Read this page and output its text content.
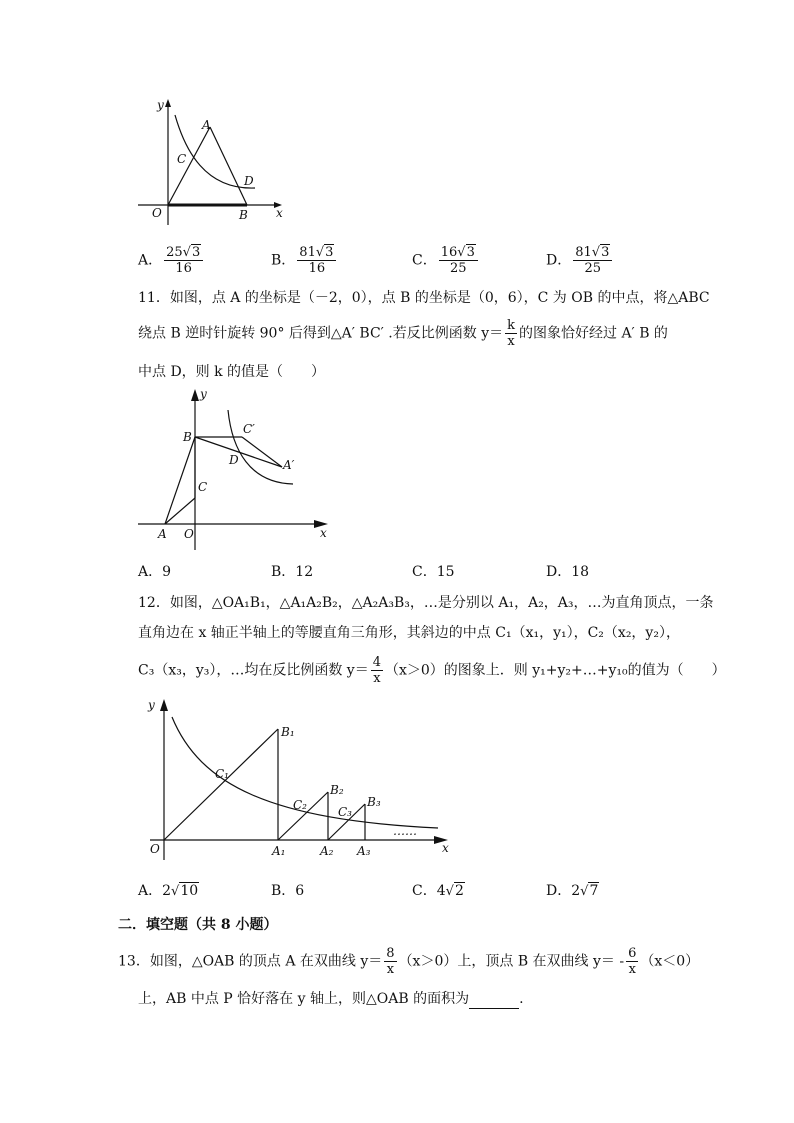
y
x
O
A
B
C
D
A． $\frac{25√3}{16}$	B． $\frac{81√3}{16}$	C． $\frac{16√3}{25}$	D． $\frac{81√3}{25}$
11．如图，点 A 的坐标是（－2，0），点 B 的坐标是（0，6），C 为 OB 的中点，将△ABC
绕点 B 逆时针旋转 90° 后得到△A′ BC′ .若反比例函数 $y= \frac{k}{x}$ 的图象恰好经过 A′ B 的
中点 D，则 k 的值是（　　）
y
x
O
A
B
C
C′
D	A′
A．9	B．12	C．15	D．18
12．如图，△OA₁B₁，△A₁A₂B₂，△A₂A₃B₃，…是分别以 A₁，A₂，A₃，…为直角顶点，一条
直角边在 x 轴正半轴上的等腰直角三角形，其斜边的中点 C₁（x₁，y₁），C₂（x₂，y₂），
C₃（x₃，y₃），…均在反比例函数 $y= \frac{4}{x} (x>0)$的图象上．则 y₁+y₂+…+y₁₀的值为（　　）
y
x
O
B₁
B₂
B₃
C₁
C₂	C₃
A₁	A₂ A₃
……
A．2√10	B．6	C．4√2	D．2√7
二．填空题（共 8 小题）
13．如图，△OAB 的顶点 A 在双曲线 $y= \frac{8}{x} (x>0)$上，顶点 B 在双曲线 $y= - \frac{6}{x} (x<0)$
上，AB 中点 P 恰好落在 y 轴上，则△OAB 的面积为	.
